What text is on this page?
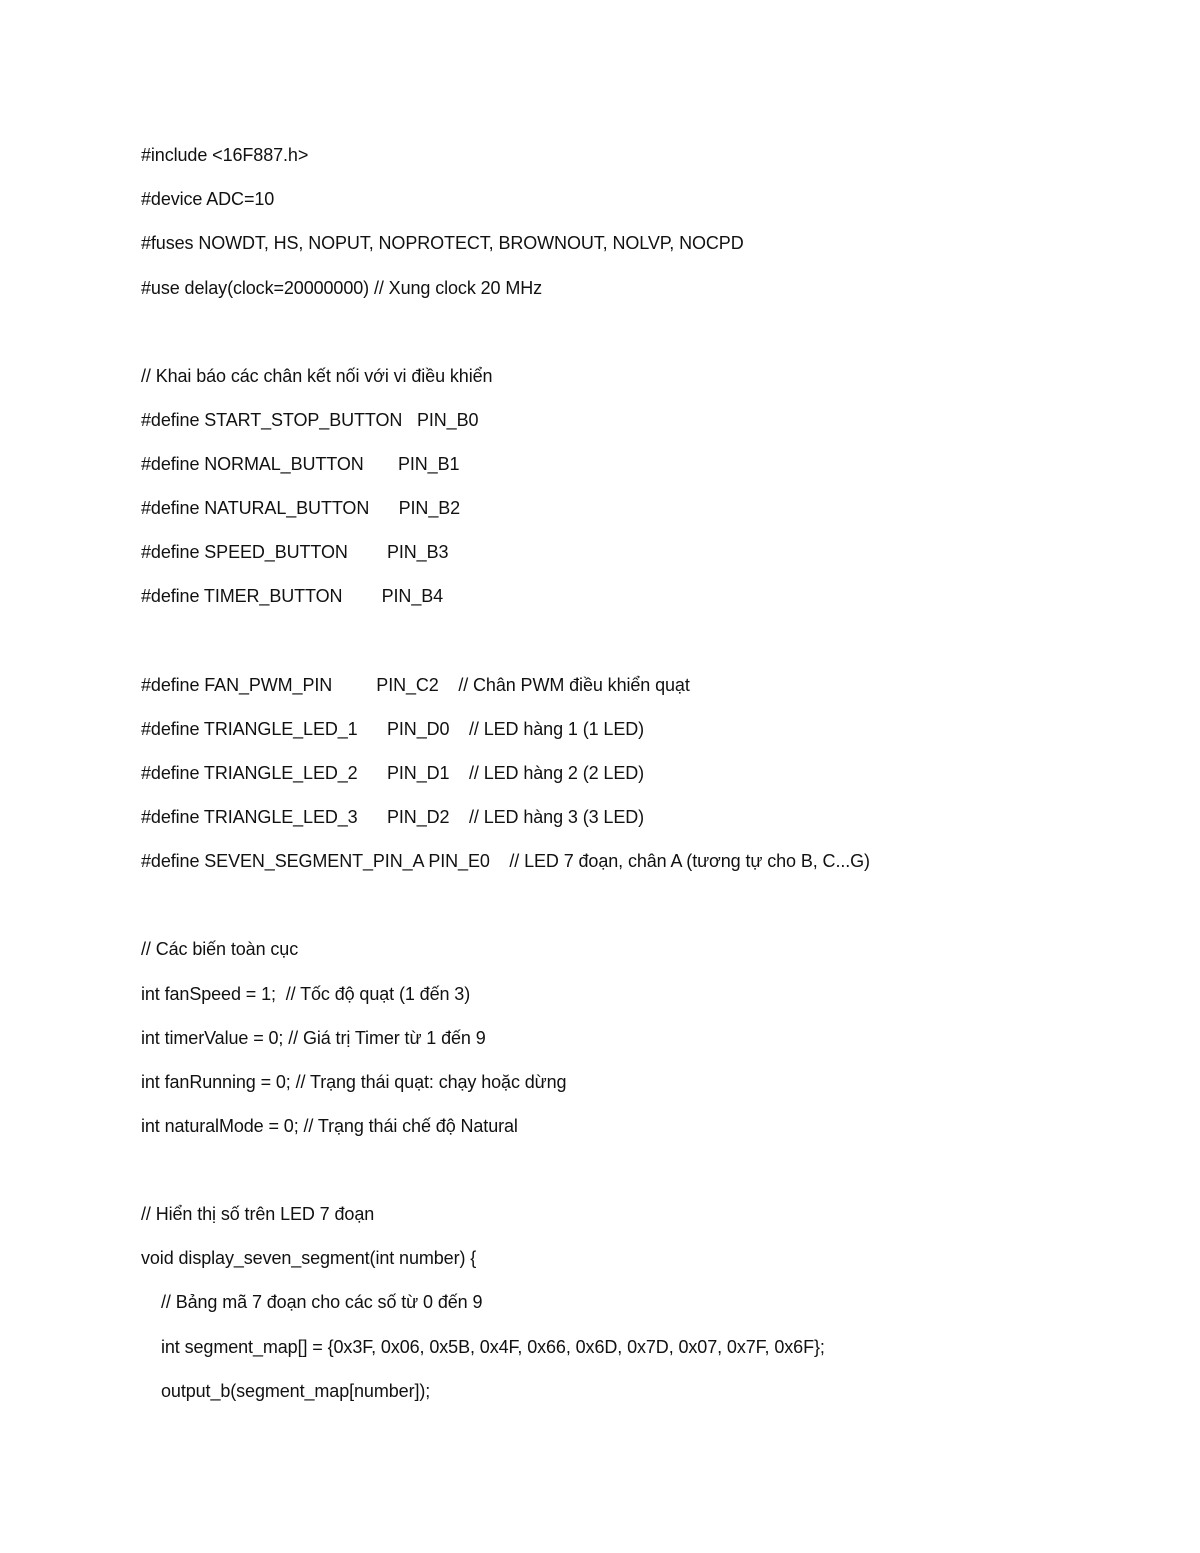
#include <16F887.h>
#device ADC=10
#fuses NOWDT, HS, NOPUT, NOPROTECT, BROWNOUT, NOLVP, NOCPD
#use delay(clock=20000000) // Xung clock 20 MHz
// Khai báo các chân kết nối với vi điều khiển
#define START_STOP_BUTTON   PIN_B0
#define NORMAL_BUTTON       PIN_B1
#define NATURAL_BUTTON      PIN_B2
#define SPEED_BUTTON        PIN_B3
#define TIMER_BUTTON        PIN_B4
#define FAN_PWM_PIN         PIN_C2    // Chân PWM điều khiển quạt
#define TRIANGLE_LED_1      PIN_D0    // LED hàng 1 (1 LED)
#define TRIANGLE_LED_2      PIN_D1    // LED hàng 2 (2 LED)
#define TRIANGLE_LED_3      PIN_D2    // LED hàng 3 (3 LED)
#define SEVEN_SEGMENT_PIN_A PIN_E0    // LED 7 đoạn, chân A (tương tự cho B, C...G)
// Các biến toàn cục
int fanSpeed = 1;  // Tốc độ quạt (1 đến 3)
int timerValue = 0; // Giá trị Timer từ 1 đến 9
int fanRunning = 0; // Trạng thái quạt: chạy hoặc dừng
int naturalMode = 0; // Trạng thái chế độ Natural
// Hiển thị số trên LED 7 đoạn
void display_seven_segment(int number) {
// Bảng mã 7 đoạn cho các số từ 0 đến 9
int segment_map[] = {0x3F, 0x06, 0x5B, 0x4F, 0x66, 0x6D, 0x7D, 0x07, 0x7F, 0x6F};
output_b(segment_map[number]);
